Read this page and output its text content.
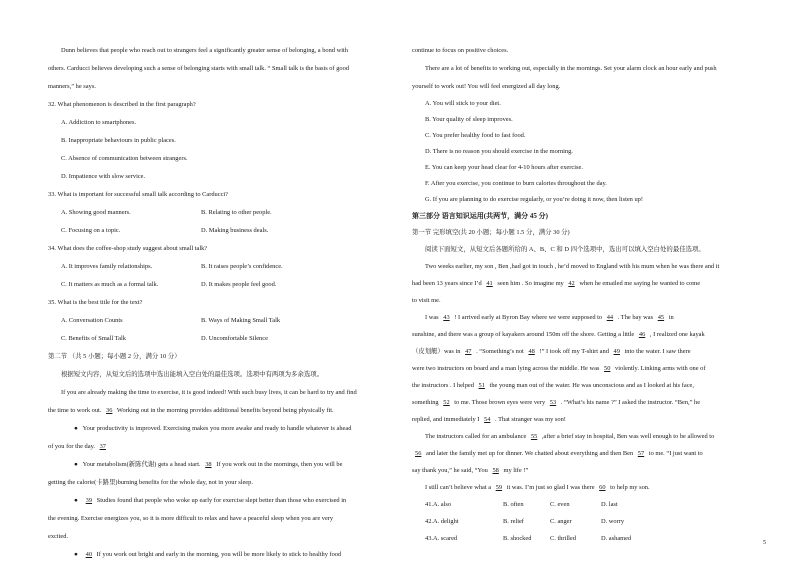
Dunn believes that people who reach out to strangers feel a significantly greater sense of belonging, a bond with
others. Carducci believes developing such a sense of belonging starts with small talk. “ Small talk is the basis of good
manners,” he says.
32. What phenomenon is described in the first paragraph?
A. Addiction to smartphones.
B. Inappropriate behaviours in public places.
C. Absence of communication between strangers.
D. Impatience with slow service.
33. What is important for successful small talk according to Carducci?
A. Showing good manners.	B. Relating to other people.
C. Focusing on a topic.	D. Making business deals.
34. What does the coffee-shop study suggest about small talk?
A. It improves family relationships.	B. It raises people’s confidence.
C. It matters as much as a formal talk.	D. It makes people feel good.
35. What is the best title for the text?
A. Conversation Counts	B. Ways of Making Small Talk
C. Benefits of Small Talk	D. Uncomfortable Silence
第二节 （共 5 小题；每小题 2 分，满分 10 分）
根据短文内容，从短文后的选项中选出能填入空白处的最佳选项。选项中有两项为多余选项。
If you are already making the time to exercise, it is good indeed! With such busy lives, it can be hard to try and find
the time to work out. 36 Working out in the morning provides additional benefits beyond being physically fit.
● Your productivity is improved. Exercising makes you more awake and ready to handle whatever is ahead
of you for the day. 37
● Your metabolism(新陈代谢) gets a head start. 38 If you work out in the mornings, then you will be
getting the calorie(卡路里)burning benefits for the whole day, not in your sleep.
● 39 Studies found that people who woke up early for exercise slept better than those who exercised in
the evening. Exercise energizes you, so it is more difficult to relax and have a peaceful sleep when you are very
excited.
● 40 If you work out bright and early in the morning, you will be more likely to stick to healthy food
continue to focus on positive choices.
There are a lot of benefits to working out, especially in the mornings. Set your alarm clock an hour early and push
yourself to work out! You will feel energized all day long.
A. You will stick to your diet.
B. Your quality of sleep improves.
C. You prefer healthy food to fast food.
D. There is no reason you should exercise in the morning.
E. You can keep your head clear for 4-10 hours after exercise.
F. After you exercise, you continue to burn calories throughout the day.
G. If you are planning to do exercise regularly, or you’re doing it now, then listen up!
第三部分 语言知识运用(共两节，满分 45 分)
第一节 完形填空(共 20 小题；每小题 1.5 分，满分 30 分)
阅读下面短文，从短文后各题所给的 A、B、C 和 D 四个选项中，选出可以填入空白处的最佳选项。
Two weeks earlier, my son , Ben ,had got in touch , he’d moved to England with his mum when he was there and it
had been 13 years since I’d 41 seen him . So imagine my 42 when he emailed me saying he wanted to come
to visit me.
I was 43 ! I arrived early at Byron Bay where we were supposed to 44 . The bay was 45 in
sunshine, and there was a group of kayakers around 150m off the shore. Getting a little 46 , I realized one kayak
（皮划艇）was in 47 . “Something’s not 48 !” I took off my T-shirt and 49 into the water. I saw there
were two instructors on board and a man lying across the middle. He was 50 violently. Linking arms with one of
the instructors . I helped 51 the young man out of the water. He was unconscious and as I looked at his face,
something 52 to me. Those brown eyes were very 53 . “What’s his name ?” I asked the instructor. “Ben,” he
replied, and immediately I 54 . That stranger was my son!
The instructors called for an ambulance 55 ,after a brief stay in hospital, Ben was well enough to be allowed to
56 and later the family met up for dinner. We chatted about everything and then Ben 57 to me. “I just want to
say thank you,” he said, “You 58 my life !”
I still can’t believe what a 59 it was. I’m just so glad I was there 60 to help my son.
41.A. also	B. often	C. even	D. last
42.A. delight	B. relief	C. anger	D. worry
43.A. scared	B. shocked	C. thrilled	D. ashamed
5
